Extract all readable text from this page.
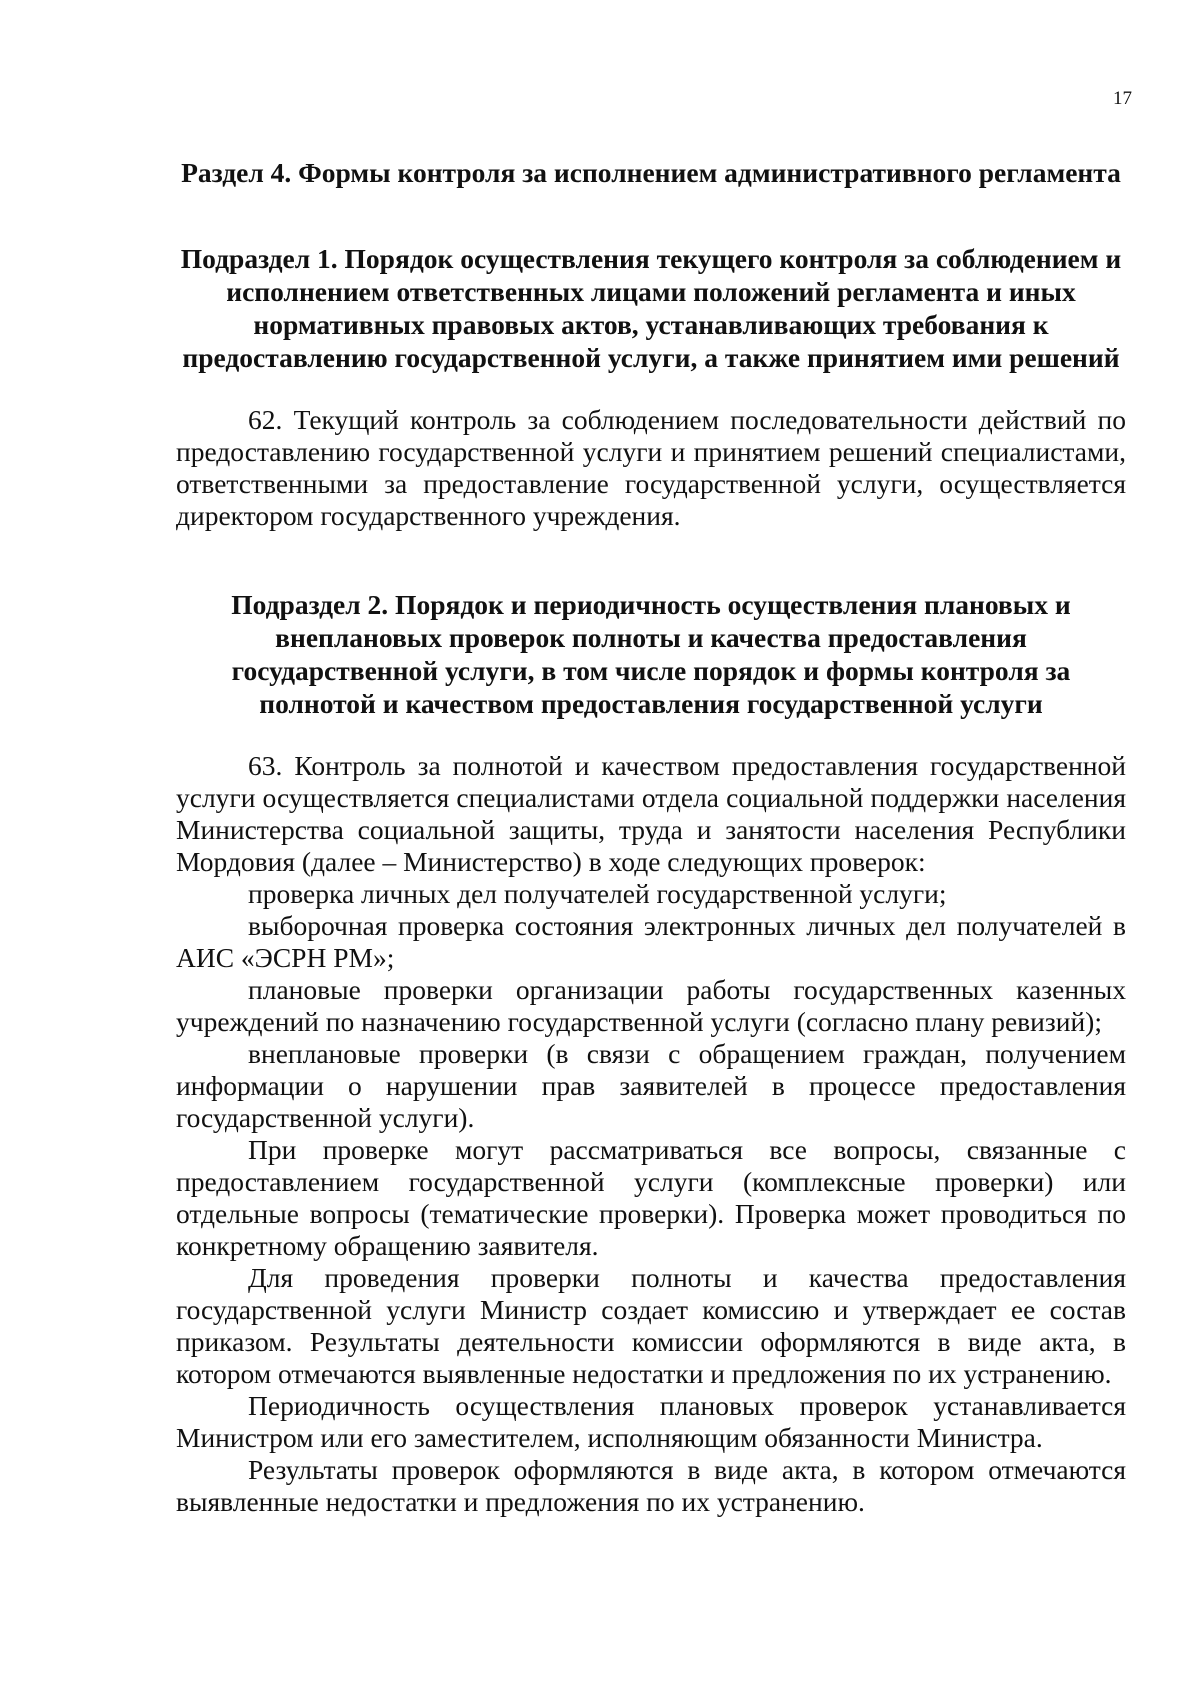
17

Раздел 4. Формы контроля за исполнением административного регламента
Подраздел 1. Порядок осуществления текущего контроля за соблюдением и исполнением ответственных лицами положений регламента и иных нормативных правовых актов, устанавливающих требования к предоставлению государственной услуги, а также принятием ими решений

62. Текущий контроль за соблюдением последовательности действий по предоставлению государственной услуги и принятием решений специалистами, ответственными за предоставление государственной услуги, осуществляется директором государственного учреждения.

Подраздел 2. Порядок и периодичность осуществления плановых и внеплановых проверок полноты и качества предоставления государственной услуги, в том числе порядок и формы контроля за полнотой и качеством предоставления государственной услуги

63. Контроль за полнотой и качеством предоставления государственной услуги осуществляется специалистами отдела социальной поддержки населения Министерства социальной защиты, труда и занятости населения Республики Мордовия (далее – Министерство) в ходе следующих проверок:

проверка личных дел получателей государственной услуги;

выборочная проверка состояния электронных личных дел получателей в АИС «ЭСРН РМ»;

плановые проверки организации работы государственных казенных учреждений по назначению государственной услуги (согласно плану ревизий);

внеплановые проверки (в связи с обращением граждан, получением информации о нарушении прав заявителей в процессе предоставления государственной услуги).

При проверке могут рассматриваться все вопросы, связанные с предоставлением государственной услуги (комплексные проверки) или отдельные вопросы (тематические проверки). Проверка может проводиться по конкретному обращению заявителя.

Для проведения проверки полноты и качества предоставления государственной услуги Министр создает комиссию и утверждает ее состав приказом. Результаты деятельности комиссии оформляются в виде акта, в котором отмечаются выявленные недостатки и предложения по их устранению.

Периодичность осуществления плановых проверок устанавливается Министром или его заместителем, исполняющим обязанности Министра.

Результаты проверок оформляются в виде акта, в котором отмечаются выявленные недостатки и предложения по их устранению.
